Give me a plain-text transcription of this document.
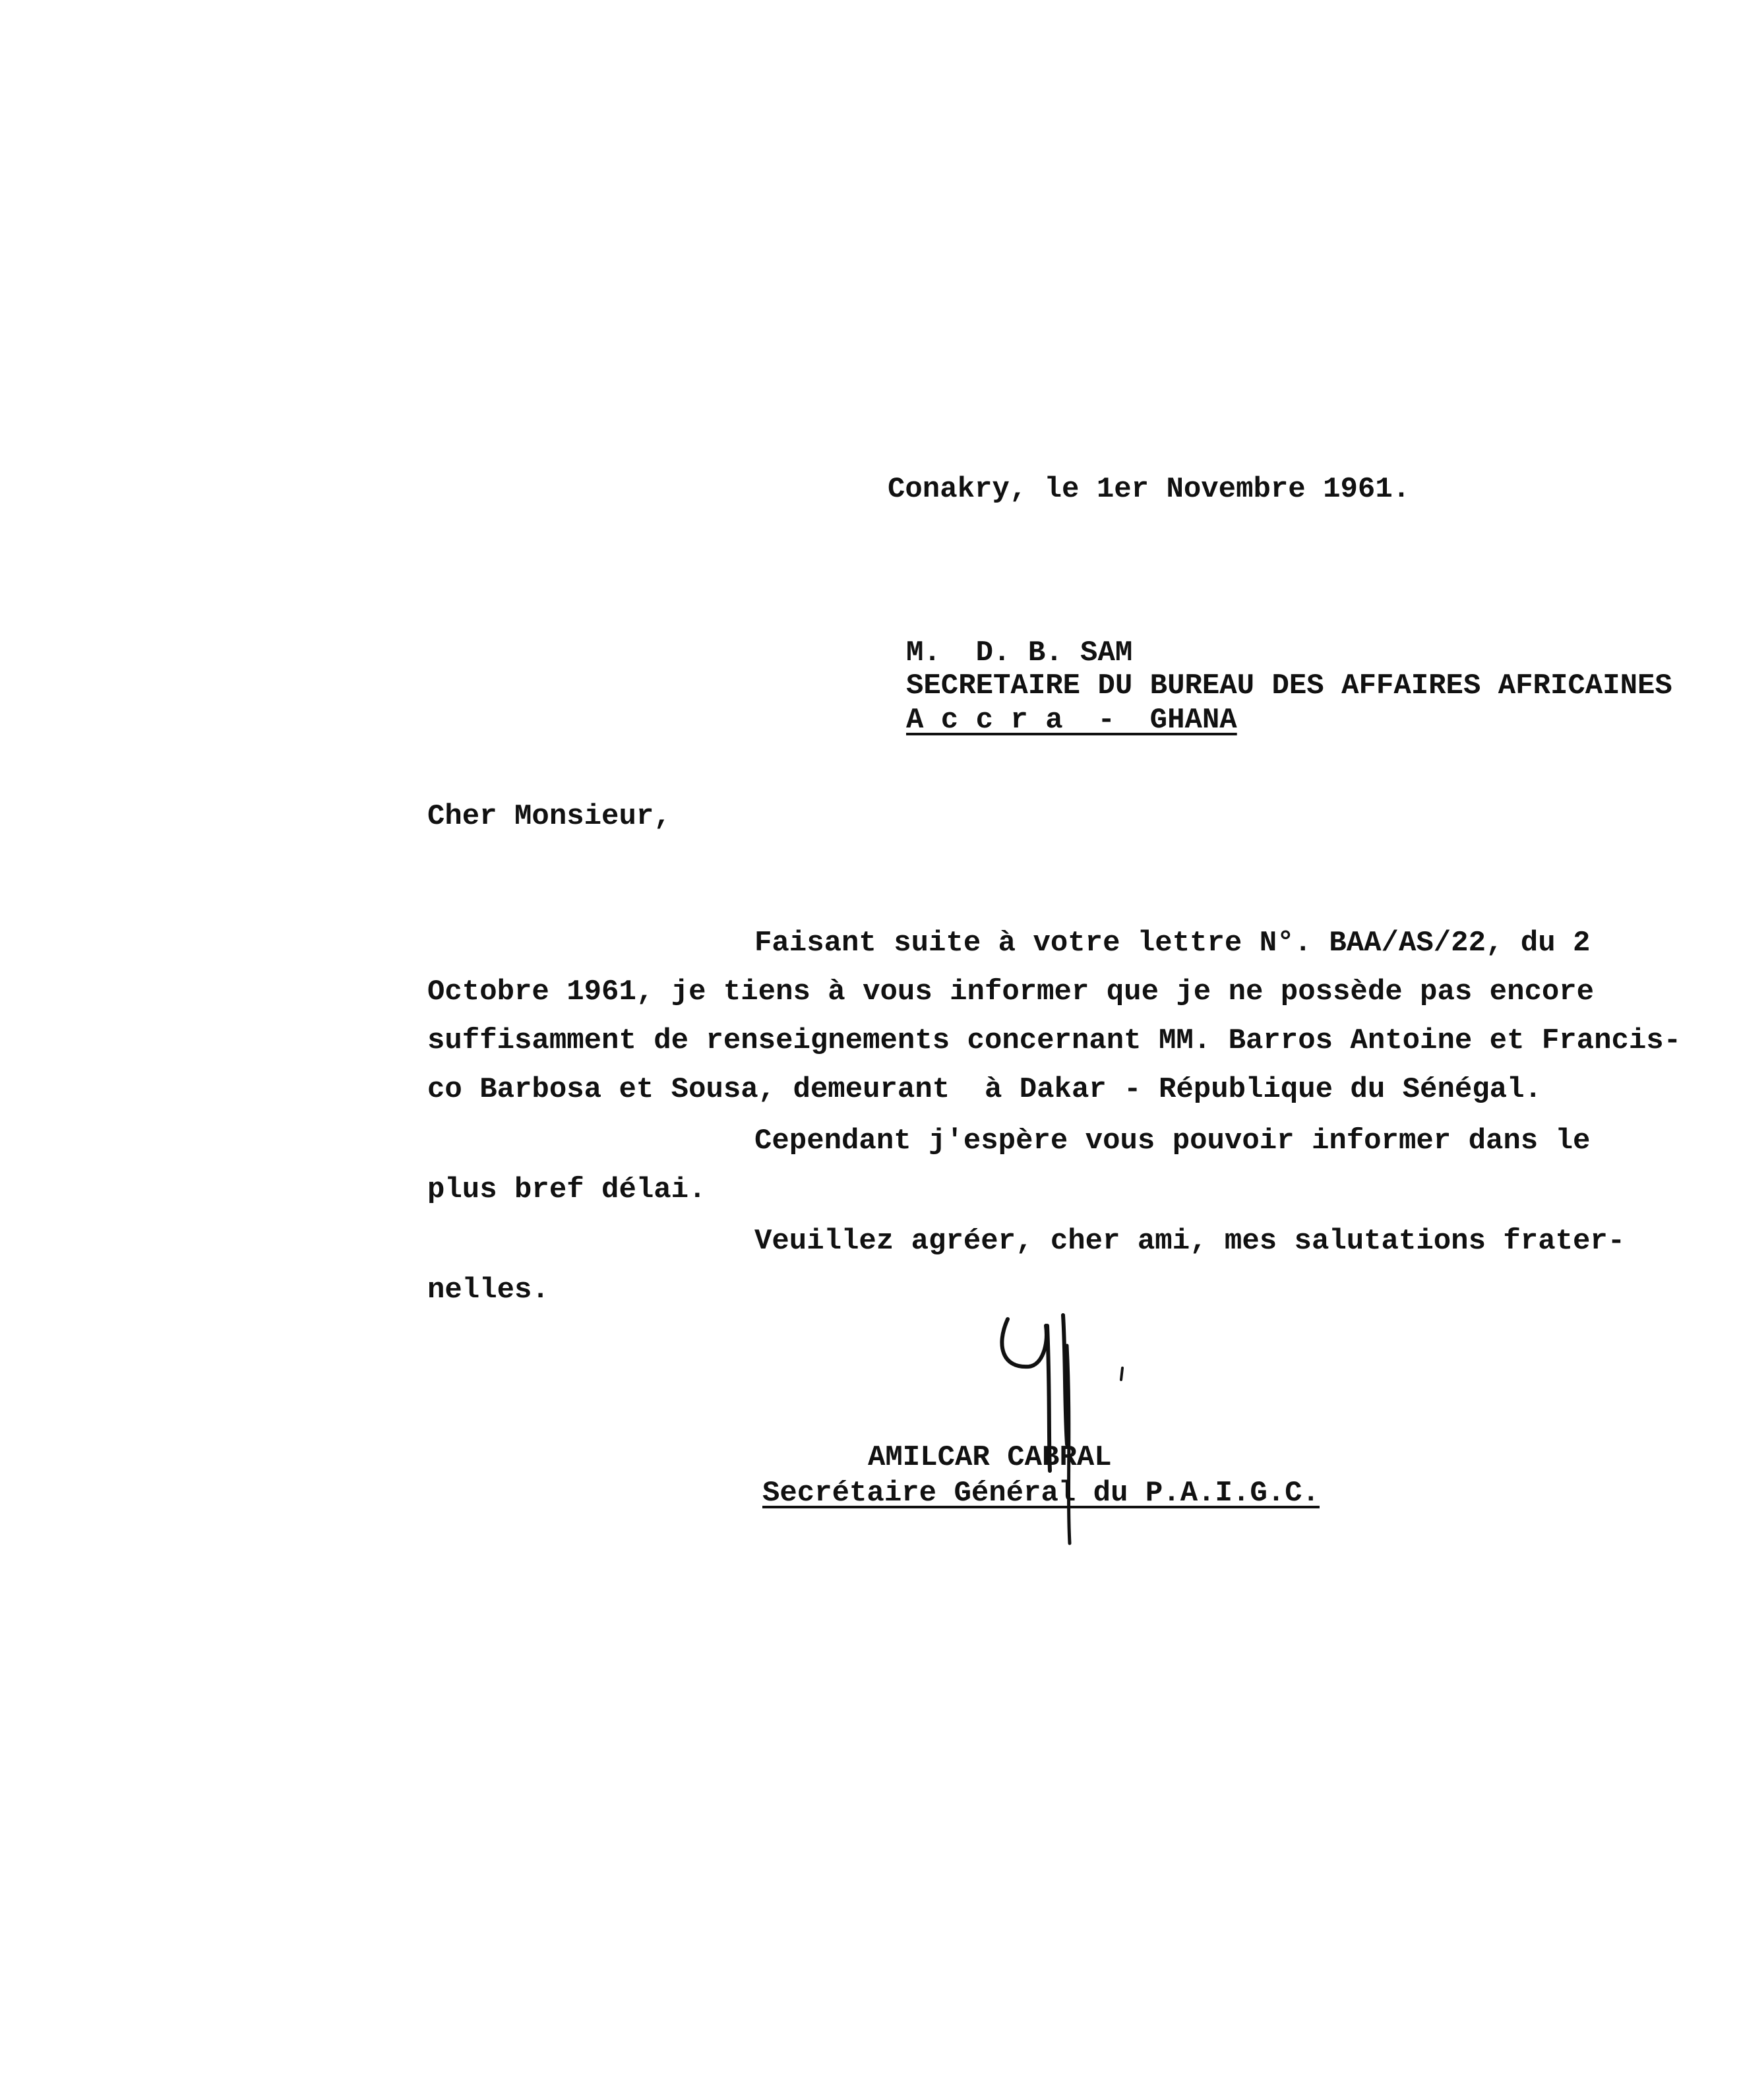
Conakry, le 1er Novembre 1961.
M.  D. B. SAM
SECRETAIRE DU BUREAU DES AFFAIRES AFRICAINES
A c c r a  -  GHANA
Cher Monsieur,
Faisant suite à votre lettre N°. BAA/AS/22, du 2
Octobre 1961, je tiens à vous informer que je ne possède pas encore
suffisamment de renseignements concernant MM. Barros Antoine et Francis-
co Barbosa et Sousa, demeurant  à Dakar - République du Sénégal.
Cependant j'espère vous pouvoir informer dans le
plus bref délai.
Veuillez agréer, cher ami, mes salutations frater-
nelles.
AMILCAR CABRAL
Secrétaire Général du P.A.I.G.C.
